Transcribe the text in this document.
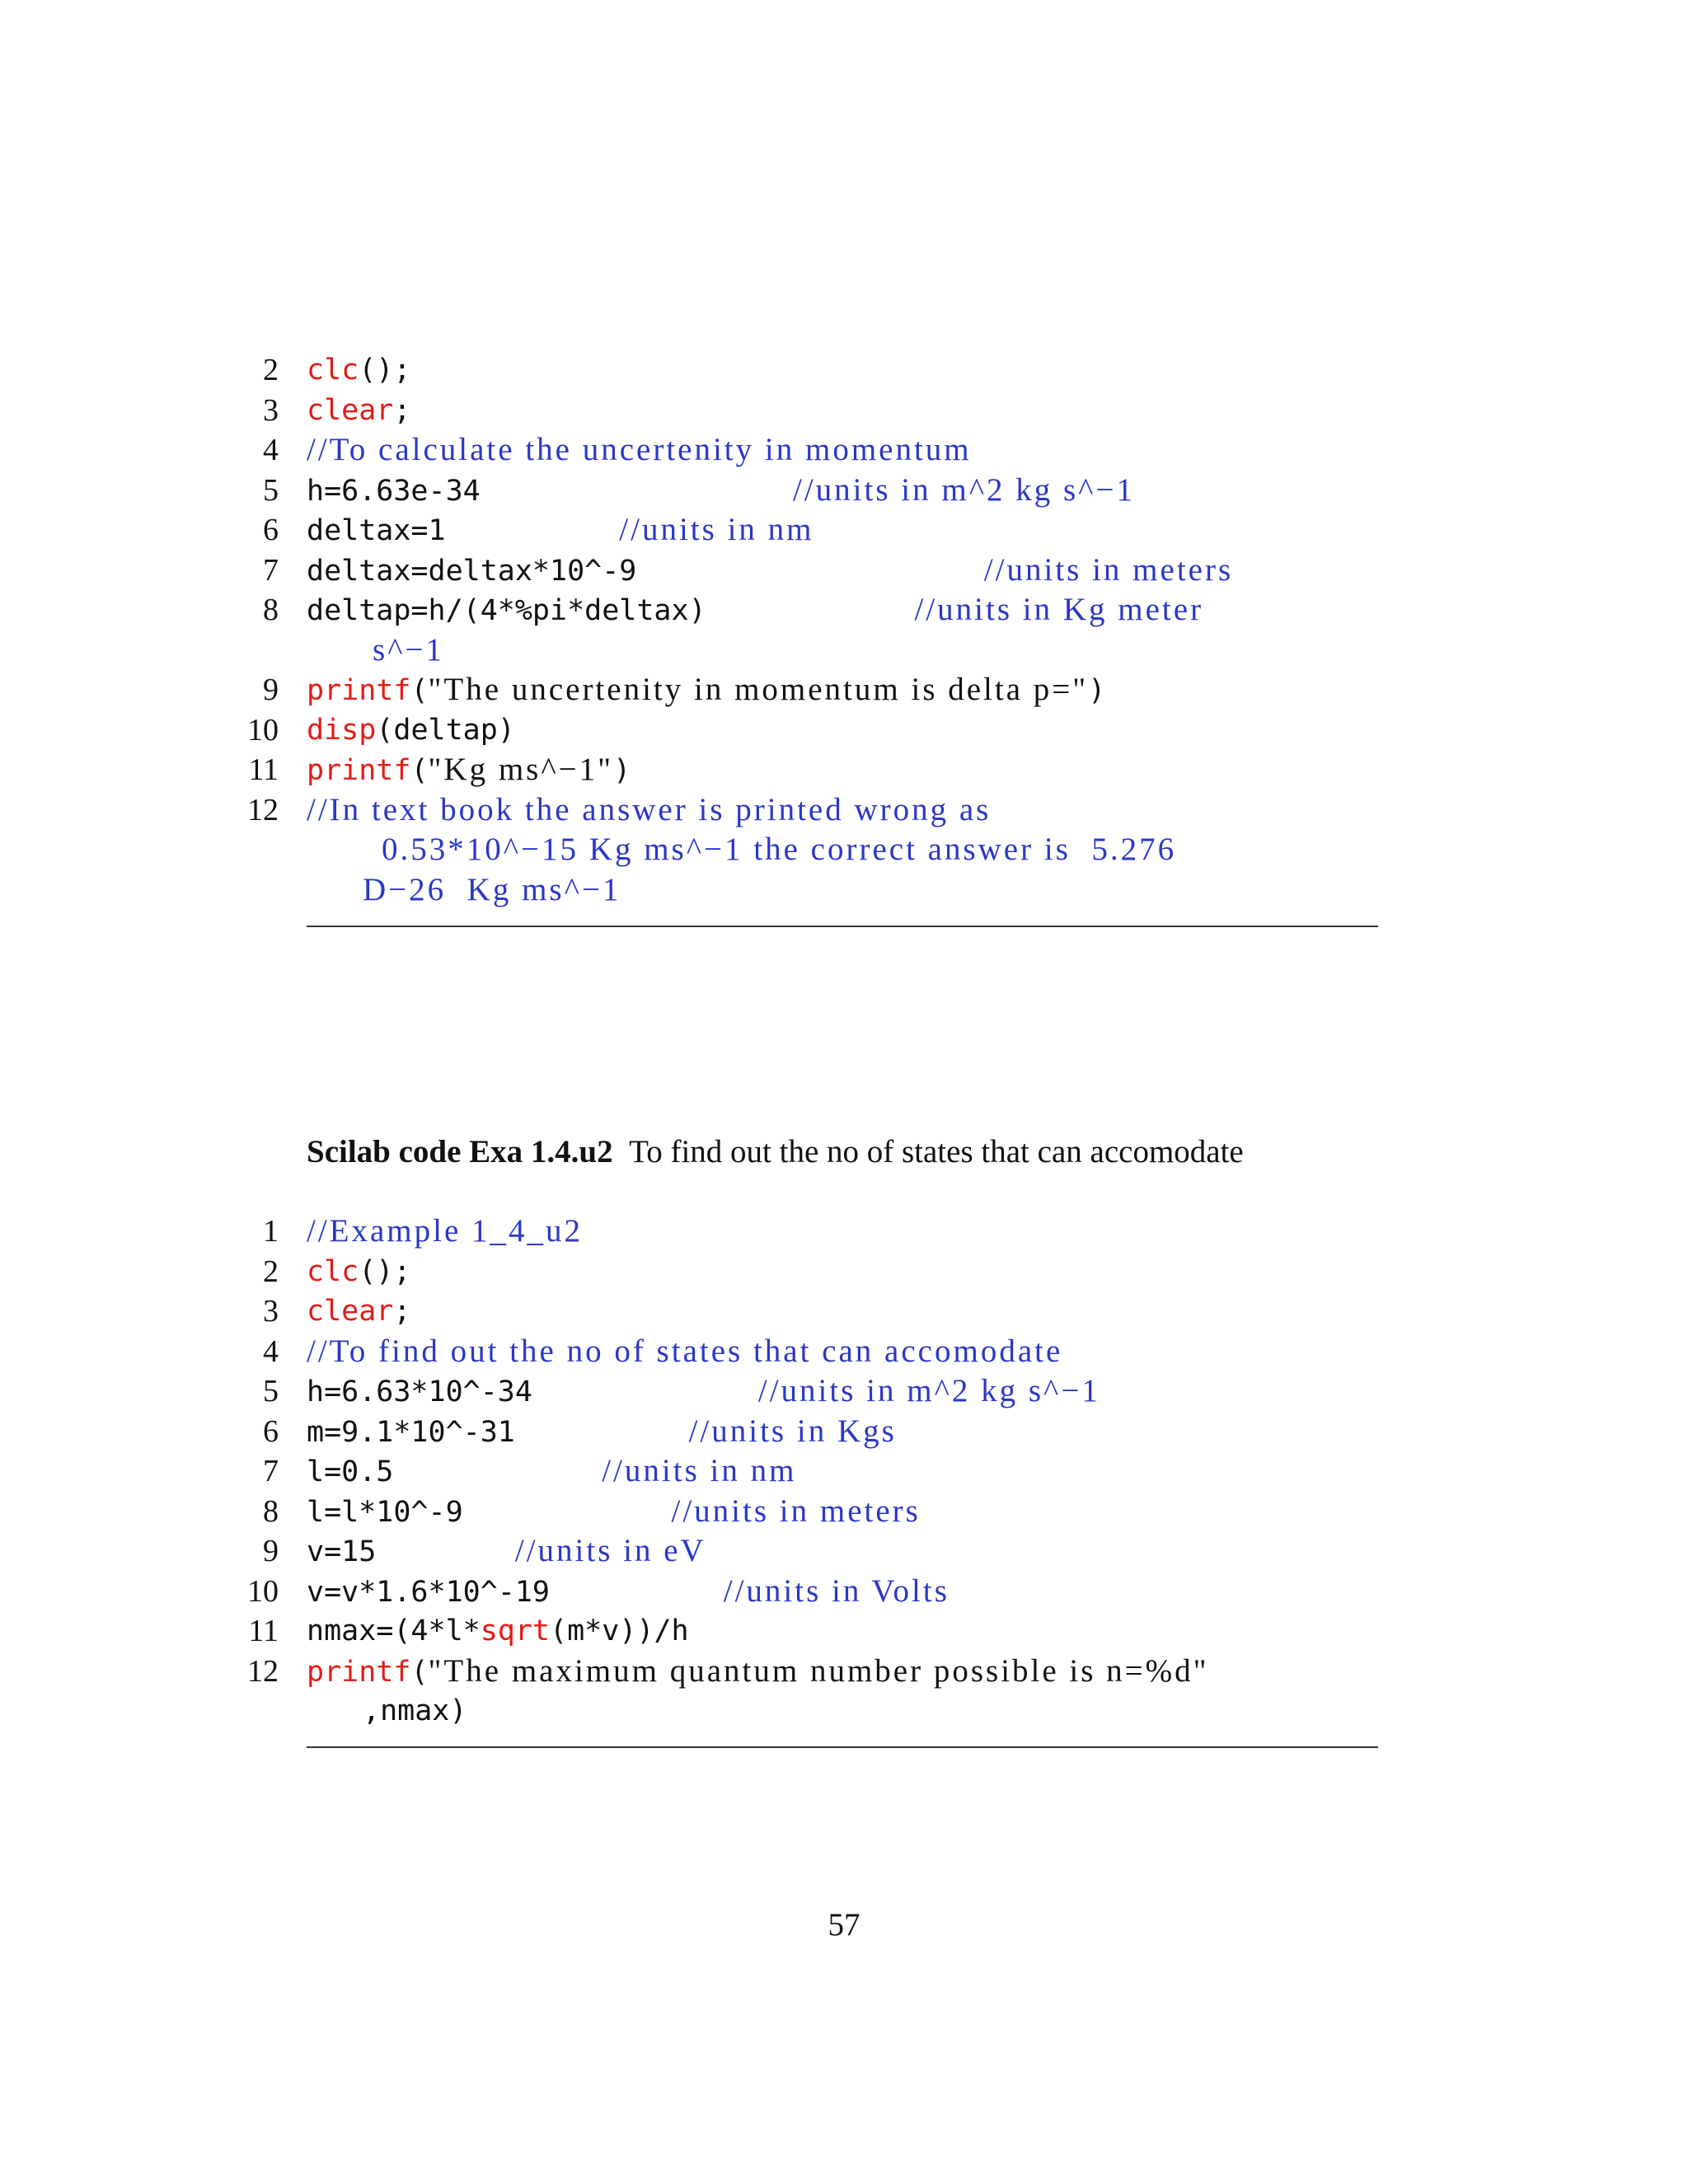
2 clc();
3 clear;
4 //To calculate the uncertenity in momentum
5 h=6.63e-34                  //units in m^2 kg s^−1
6 deltax=1          //units in nm
7 deltax=deltax*10^-9                    //units in meters
8 deltap=h/(4*%pi*deltax)            //units in Kg meter
s^−1
9 printf("The uncertenity in momentum is delta p=")
10 disp(deltap)
11 printf("Kg ms^−1")
12 //In text book the answer is printed wrong as
0.53*10^−15 Kg ms^−1 the correct answer is  5.276
D−26  Kg ms^−1
Scilab code Exa 1.4.u2 To find out the no of states that can accomodate
1 //Example 1_4_u2
2 clc();
3 clear;
4 //To find out the no of states that can accomodate
5 h=6.63*10^-34             //units in m^2 kg s^−1
6 m=9.1*10^-31          //units in Kgs
7 l=0.5            //units in nm
8 l=l*10^-9            //units in meters
9 v=15        //units in eV
10 v=v*1.6*10^-19          //units in Volts
11 nmax=(4*l*sqrt(m*v))/h
12 printf("The maximum quantum number possible is n=%d"
,nmax)
57
